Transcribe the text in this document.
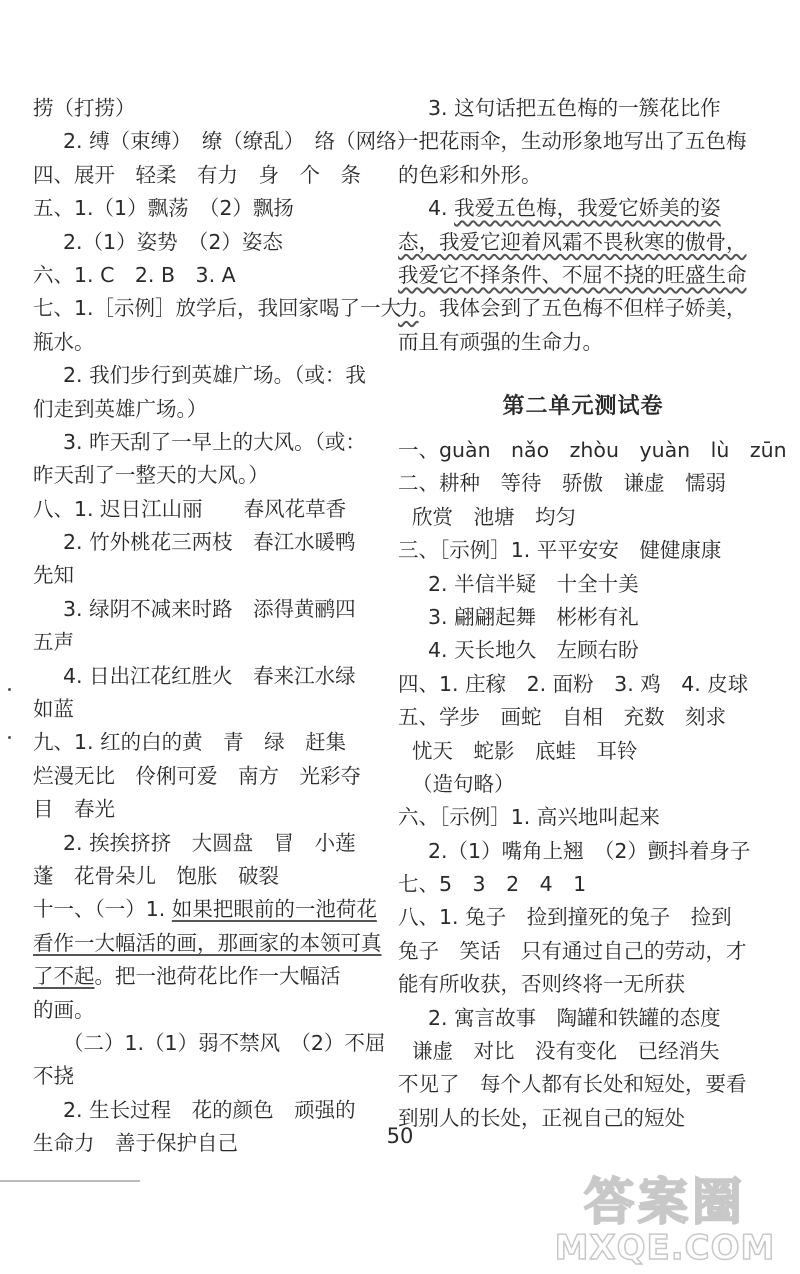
捞（打捞）
2. 缚（束缚）　缭（缭乱）　络（网络）
四、展开　轻柔　有力　身　个　条
五、1.（1）飘荡　（2）飘扬
2.（1）姿势　（2）姿态
六、1. C　2. B　3. A
七、1.［示例］放学后，我回家喝了一大
瓶水。
2. 我们步行到英雄广场。（或：我
们走到英雄广场。）
3. 昨天刮了一早上的大风。（或：
昨天刮了一整天的大风。）
八、1. 迟日江山丽　　春风花草香
2. 竹外桃花三两枝　春江水暖鸭
先知
3. 绿阴不减来时路　添得黄鹂四
五声
4. 日出江花红胜火　春来江水绿
如蓝
九、1. 红的白的黄　青　绿　赶集
烂漫无比　伶俐可爱　南方　光彩夺
目　春光
2. 挨挨挤挤　大圆盘　冒　小莲
蓬　花骨朵儿　饱胀　破裂
十一、（一）1. 如果把眼前的一池荷花
看作一大幅活的画，那画家的本领可真
了不起。把一池荷花比作一大幅活
的画。
（二）1.（1）弱不禁风　（2）不屈
不挠
2. 生长过程　花的颜色　顽强的
生命力　善于保护自己
3. 这句话把五色梅的一簇花比作
一把花雨伞，生动形象地写出了五色梅
的色彩和外形。
4. 我爱五色梅，我爱它娇美的姿
态，我爱它迎着风霜不畏秋寒的傲骨，
我爱它不择条件、不屈不挠的旺盛生命
力。我体会到了五色梅不但样子娇美，
而且有顽强的生命力。
第二单元测试卷
一、guàn　nǎo　zhòu　yuàn　lù　zūn
二、耕种　等待　骄傲　谦虚　懦弱
欣赏　池塘　均匀
三、［示例］1. 平平安安　健健康康
2. 半信半疑　十全十美
3. 翩翩起舞　彬彬有礼
4. 天长地久　左顾右盼
四、1. 庄稼　2. 面粉　3. 鸡　4. 皮球
五、学步　画蛇　自相　充数　刻求
忧天　蛇影　底蛙　耳铃
（造句略）
六、［示例］1. 高兴地叫起来
2.（1）嘴角上翘　（2）颤抖着身子
七、5　3　2　4　1
八、1. 兔子　捡到撞死的兔子　捡到
兔子　笑话　只有通过自己的劳动，才
能有所收获，否则终将一无所获
2. 寓言故事　陶罐和铁罐的态度
谦虚　对比　没有变化　已经消失
不见了　每个人都有长处和短处，要看
到别人的长处，正视自己的短处
50
答案圈
MXQE.COM
